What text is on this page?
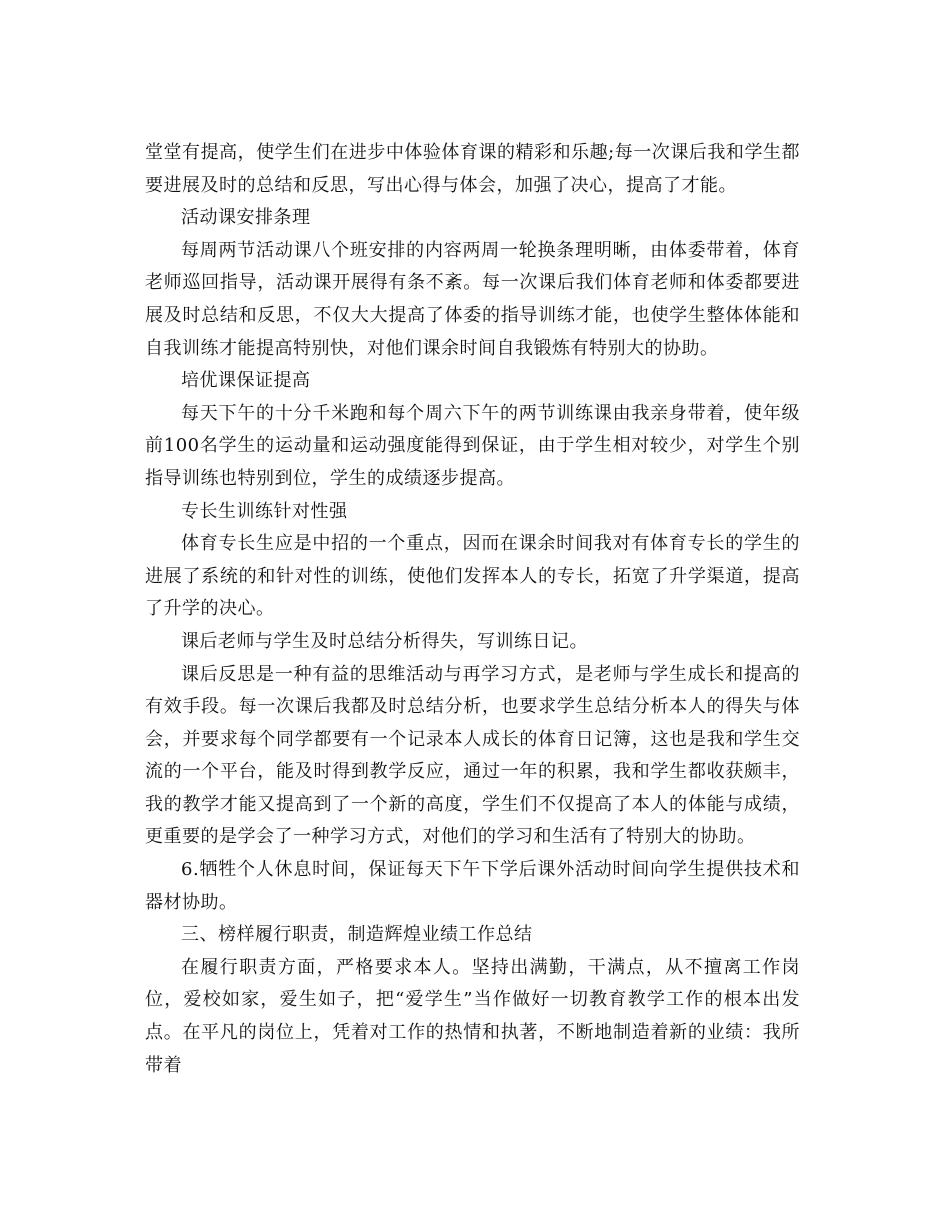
堂堂有提高，使学生们在进步中体验体育课的精彩和乐趣;每一次课后我和学生都要进展及时的总结和反思，写出心得与体会，加强了决心，提高了才能。

活动课安排条理

每周两节活动课八个班安排的内容两周一轮换条理明晰，由体委带着，体育老师巡回指导，活动课开展得有条不紊。每一次课后我们体育老师和体委都要进展及时总结和反思，不仅大大提高了体委的指导训练才能，也使学生整体体能和自我训练才能提高特别快，对他们课余时间自我锻炼有特别大的协助。

培优课保证提高

每天下午的十分千米跑和每个周六下午的两节训练课由我亲身带着，使年级前100名学生的运动量和运动强度能得到保证，由于学生相对较少，对学生个别指导训练也特别到位，学生的成绩逐步提高。

专长生训练针对性强

体育专长生应是中招的一个重点，因而在课余时间我对有体育专长的学生的进展了系统的和针对性的训练，使他们发挥本人的专长，拓宽了升学渠道，提高了升学的决心。

课后老师与学生及时总结分析得失，写训练日记。

课后反思是一种有益的思维活动与再学习方式，是老师与学生成长和提高的有效手段。每一次课后我都及时总结分析，也要求学生总结分析本人的得失与体会，并要求每个同学都要有一个记录本人成长的体育日记簿，这也是我和学生交流的一个平台，能及时得到教学反应，通过一年的积累，我和学生都收获颇丰，我的教学才能又提高到了一个新的高度，学生们不仅提高了本人的体能与成绩，更重要的是学会了一种学习方式，对他们的学习和生活有了特别大的协助。

6.牺牲个人休息时间，保证每天下午下学后课外活动时间向学生提供技术和器材协助。

三、榜样履行职责，制造辉煌业绩工作总结

在履行职责方面，严格要求本人。坚持出满勤，干满点，从不擅离工作岗位，爱校如家，爱生如子，把“爱学生”当作做好一切教育教学工作的根本出发点。在平凡的岗位上，凭着对工作的热情和执著，不断地制造着新的业绩：我所带着
